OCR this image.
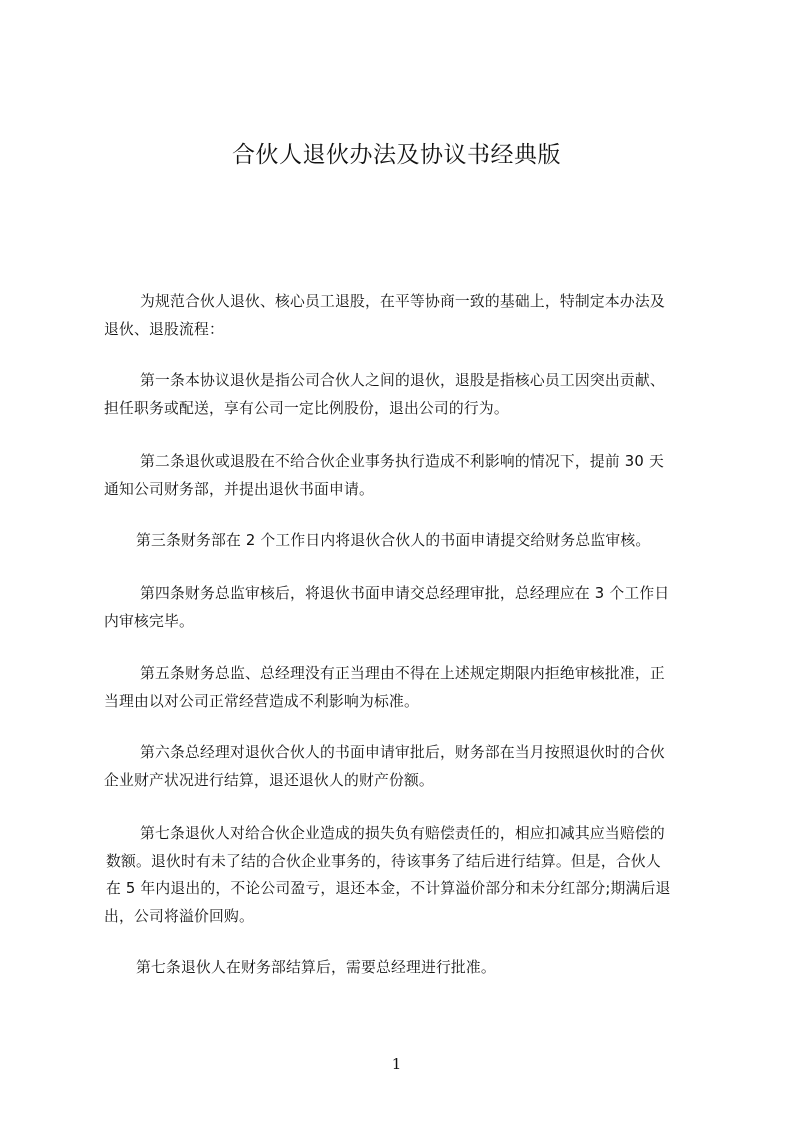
合伙人退伙办法及协议书经典版
为规范合伙人退伙、核心员工退股，在平等协商一致的基础上，特制定本办法及
退伙、退股流程：
第一条本协议退伙是指公司合伙人之间的退伙，退股是指核心员工因突出贡献、
担任职务或配送，享有公司一定比例股份，退出公司的行为。
第二条退伙或退股在不给合伙企业事务执行造成不利影响的情况下，提前 30 天
通知公司财务部，并提出退伙书面申请。
第三条财务部在 2 个工作日内将退伙合伙人的书面申请提交给财务总监审核。
第四条财务总监审核后，将退伙书面申请交总经理审批，总经理应在 3 个工作日
内审核完毕。
第五条财务总监、总经理没有正当理由不得在上述规定期限内拒绝审核批准，正
当理由以对公司正常经营造成不利影响为标准。
第六条总经理对退伙合伙人的书面申请审批后，财务部在当月按照退伙时的合伙
企业财产状况进行结算，退还退伙人的财产份额。
第七条退伙人对给合伙企业造成的损失负有赔偿责任的，相应扣减其应当赔偿的
数额。退伙时有未了结的合伙企业事务的，待该事务了结后进行结算。但是，合伙人
在 5 年内退出的，不论公司盈亏，退还本金，不计算溢价部分和未分红部分;期满后退
出，公司将溢价回购。
第七条退伙人在财务部结算后，需要总经理进行批准。
1
